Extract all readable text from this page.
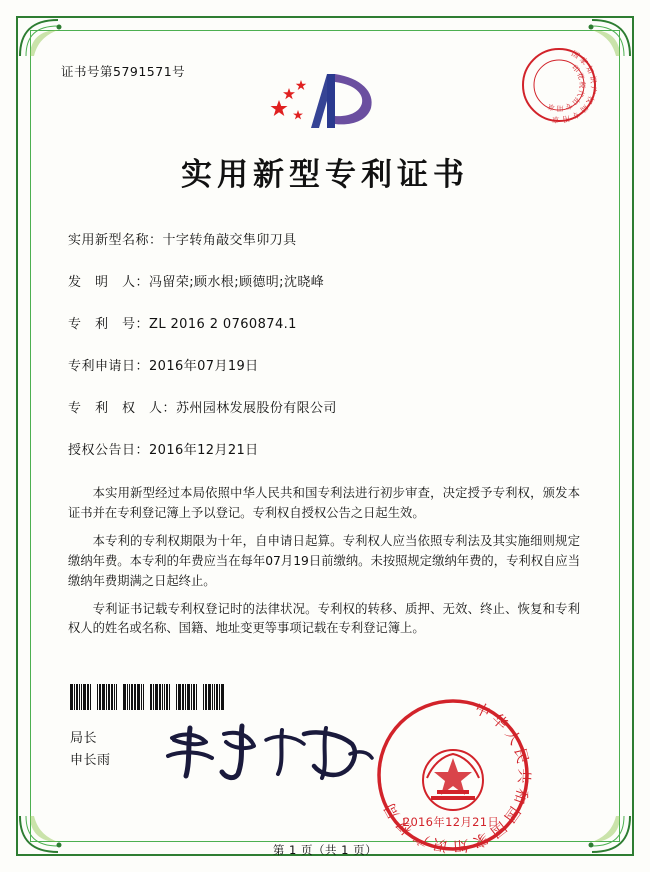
证书号第5791571号
国家知识产权局专用章
印花税代扣专用章
实用新型专利证书
实用新型名称： 十字转角敲交隼卯刀具
发　明　人： 冯留荣;顾水根;顾德明;沈晓峰
专　利　号： ZL 2016 2 0760874.1
专利申请日： 2016年07月19日
专　利　权　人： 苏州园林发展股份有限公司
授权公告日： 2016年12月21日

本实用新型经过本局依照中华人民共和国专利法进行初步审查，决定授予专利权，颁发本证书并在专利登记簿上予以登记。专利权自授权公告之日起生效。

本专利的专利权期限为十年，自申请日起算。专利权人应当依照专利法及其实施细则规定缴纳年费。本专利的年费应当在每年07月19日前缴纳。未按照规定缴纳年费的，专利权自应当缴纳年费期满之日起终止。

专利证书记载专利权登记时的法律状况。专利权的转移、质押、无效、终止、恢复和专利权人的姓名或名称、国籍、地址变更等事项记载在专利登记簿上。

局长
申长雨
中华人民共和国国家知识产权局
2016年12月21日
第 1 页（共 1 页）
